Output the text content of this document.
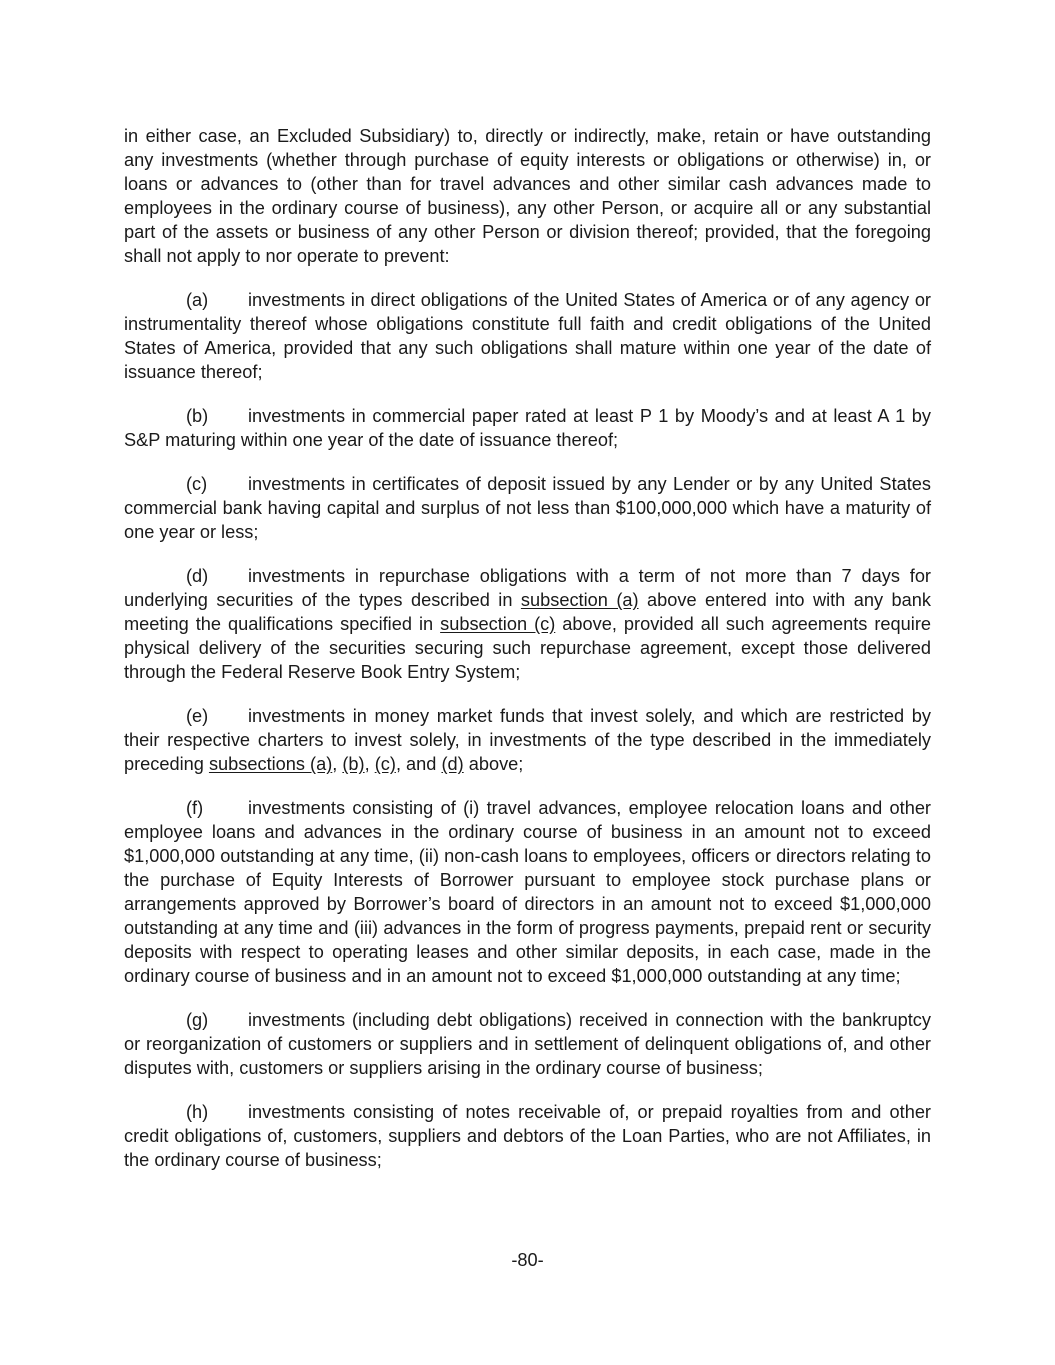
in either case, an Excluded Subsidiary) to, directly or indirectly, make, retain or have outstanding any investments (whether through purchase of equity interests or obligations or otherwise) in, or loans or advances to (other than for travel advances and other similar cash advances made to employees in the ordinary course of business), any other Person, or acquire all or any substantial part of the assets or business of any other Person or division thereof; provided, that the foregoing shall not apply to nor operate to prevent:

(a) investments in direct obligations of the United States of America or of any agency or instrumentality thereof whose obligations constitute full faith and credit obligations of the United States of America, provided that any such obligations shall mature within one year of the date of issuance thereof;

(b) investments in commercial paper rated at least P 1 by Moody’s and at least A 1 by S&P maturing within one year of the date of issuance thereof;

(c) investments in certificates of deposit issued by any Lender or by any United States commercial bank having capital and surplus of not less than $100,000,000 which have a maturity of one year or less;

(d) investments in repurchase obligations with a term of not more than 7 days for underlying securities of the types described in subsection (a) above entered into with any bank meeting the qualifications specified in subsection (c) above, provided all such agreements require physical delivery of the securities securing such repurchase agreement, except those delivered through the Federal Reserve Book Entry System;

(e) investments in money market funds that invest solely, and which are restricted by their respective charters to invest solely, in investments of the type described in the immediately preceding subsections (a), (b), (c), and (d) above;

(f) investments consisting of (i) travel advances, employee relocation loans and other employee loans and advances in the ordinary course of business in an amount not to exceed $1,000,000 outstanding at any time, (ii) non-cash loans to employees, officers or directors relating to the purchase of Equity Interests of Borrower pursuant to employee stock purchase plans or arrangements approved by Borrower’s board of directors in an amount not to exceed $1,000,000 outstanding at any time and (iii) advances in the form of progress payments, prepaid rent or security deposits with respect to operating leases and other similar deposits, in each case, made in the ordinary course of business and in an amount not to exceed $1,000,000 outstanding at any time;

(g) investments (including debt obligations) received in connection with the bankruptcy or reorganization of customers or suppliers and in settlement of delinquent obligations of, and other disputes with, customers or suppliers arising in the ordinary course of business;

(h) investments consisting of notes receivable of, or prepaid royalties from and other credit obligations of, customers, suppliers and debtors of the Loan Parties, who are not Affiliates, in the ordinary course of business;

-80-
